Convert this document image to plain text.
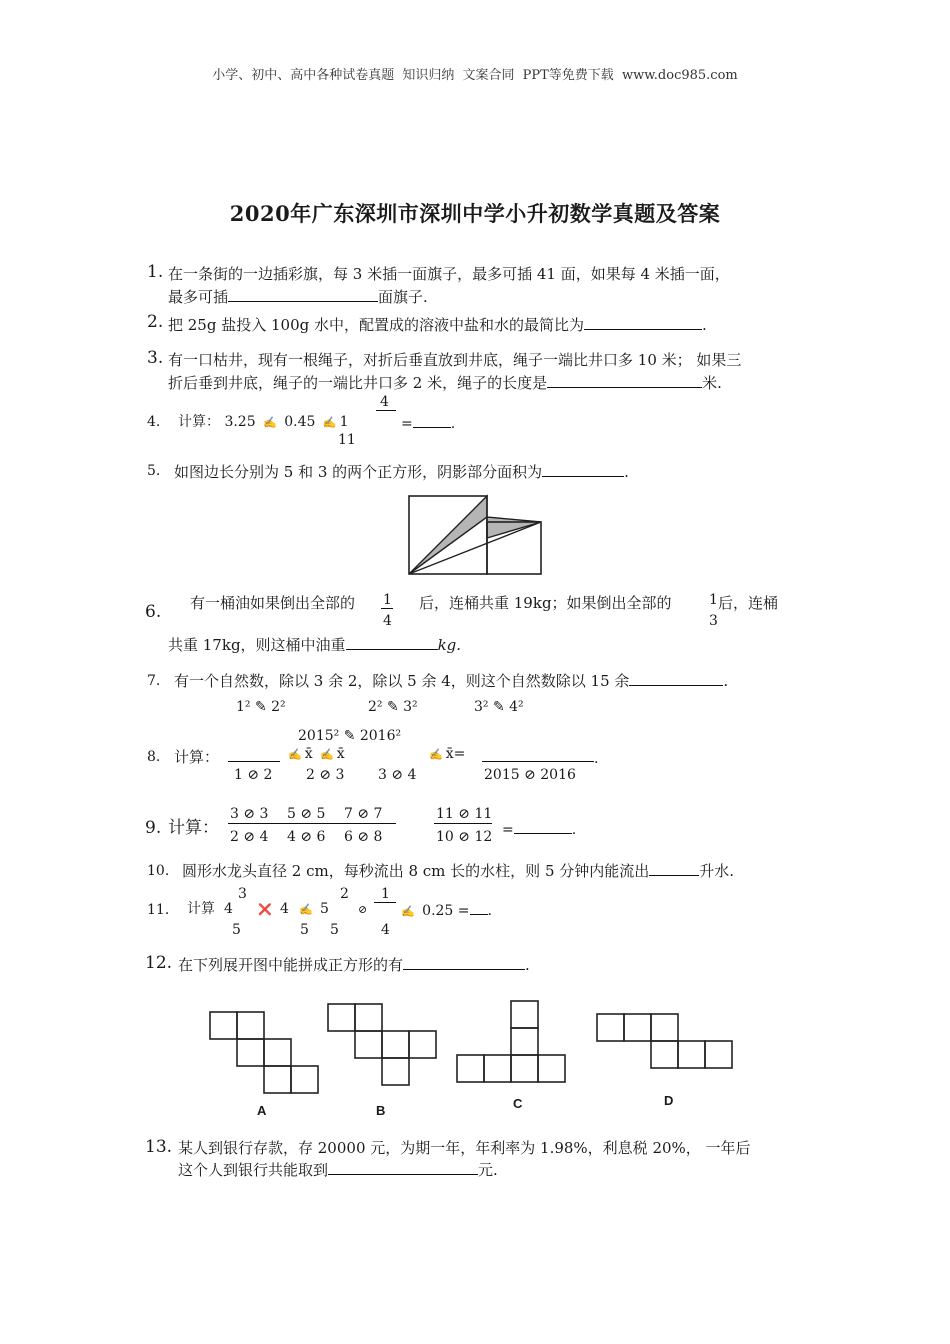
小学、初中、高中各种试卷真题 知识归纳 文案合同 PPT等免费下载 www.doc985.com
2020年广东深圳市深圳中学小升初数学真题及答案
1. 在一条街的一边插彩旗，每 3 米插一面旗子，最多可插 41 面，如果每 4 米插一面，
最多可插	面旗子.
2. 把 25g 盐投入 100g 水中，配置成的溶液中盐和水的最简比为	.
3. 有一口枯井，现有一根绳子，对折后垂直放到井底，绳子一端比井口多 10 米； 如果三
折后垂到井底，绳子的一端比井口多 2 米，绳子的长度是	米.
4. 计算： 3.25 ✍ 0.45 ✍ 1
4
11
=	.
5. 如图边长分别为 5 和 3 的两个正方形，阴影部分面积为	.
6. 有一桶油如果倒出全部的 1
4
后，连桶共重 19kg；如果倒出全部的	1
3
后，连桶
共重 17kg，则这桶中油重	kg.
7. 有一个自然数，除以 3 余 2，除以 5 余 4，则这个自然数除以 15 余	.
8. 计算：
1² ✎ 2²	2² ✎ 3²	3² ✎ 4²
2015² ✎ 2016²
✍ x̄ ✍ x̄	✍ x̄=
1 ⊘ 2 2 ⊘ 3 3 ⊘ 4	2015 ⊘ 2016
.
9. 计算：
3 ⊘ 3
2 ⊘ 4
5 ⊘ 5
4 ⊘ 6
7 ⊘ 7
6 ⊘ 8
11 ⊘ 11
10 ⊘ 12 =	.
10. 圆形水龙头直径 2 cm，每秒流出 8 cm 长的水柱，则 5 分钟内能流出	升水.
11. 计算 4
3
5
❌ 4
5
✍ 5
2
5
⊘
1
4
✍ 0.25 = .
12. 在下列展开图中能拼成正方形的有	.
A	B	C	D
13. 某人到银行存款，存 20000 元，为期一年，年利率为 1.98%，利息税 20%， 一年后
这个人到银行共能取到	元.
